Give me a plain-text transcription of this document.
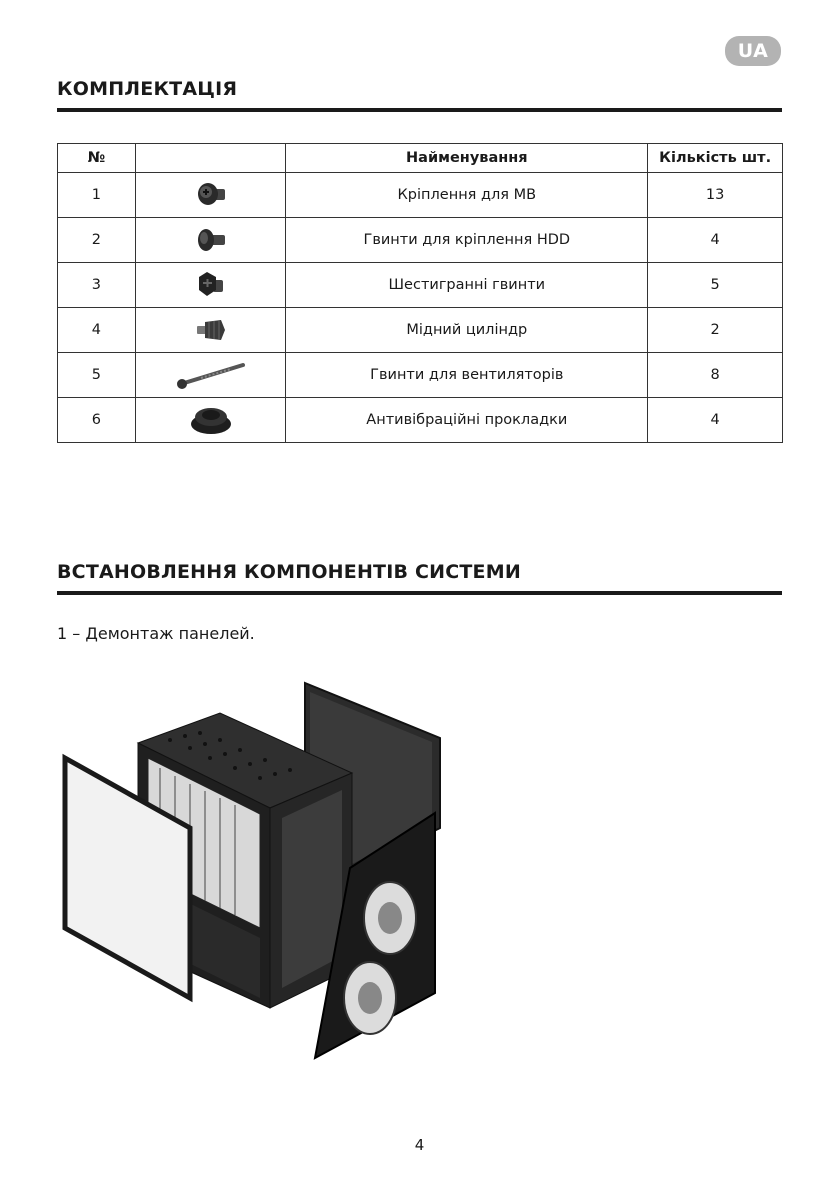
UA
КОМПЛЕКТАЦІЯ
№		Найменування	Кількість шт.
1		Кріплення для MB	13
2		Гвинти для кріплення HDD	4
3		Шестигранні гвинти	5
4		Мідний циліндр	2
5		Гвинти для вентиляторів	8
6		Антивібраційні прокладки	4
ВСТАНОВЛЕННЯ КОМПОНЕНТІВ СИСТЕМИ
1 – Демонтаж панелей.
4
